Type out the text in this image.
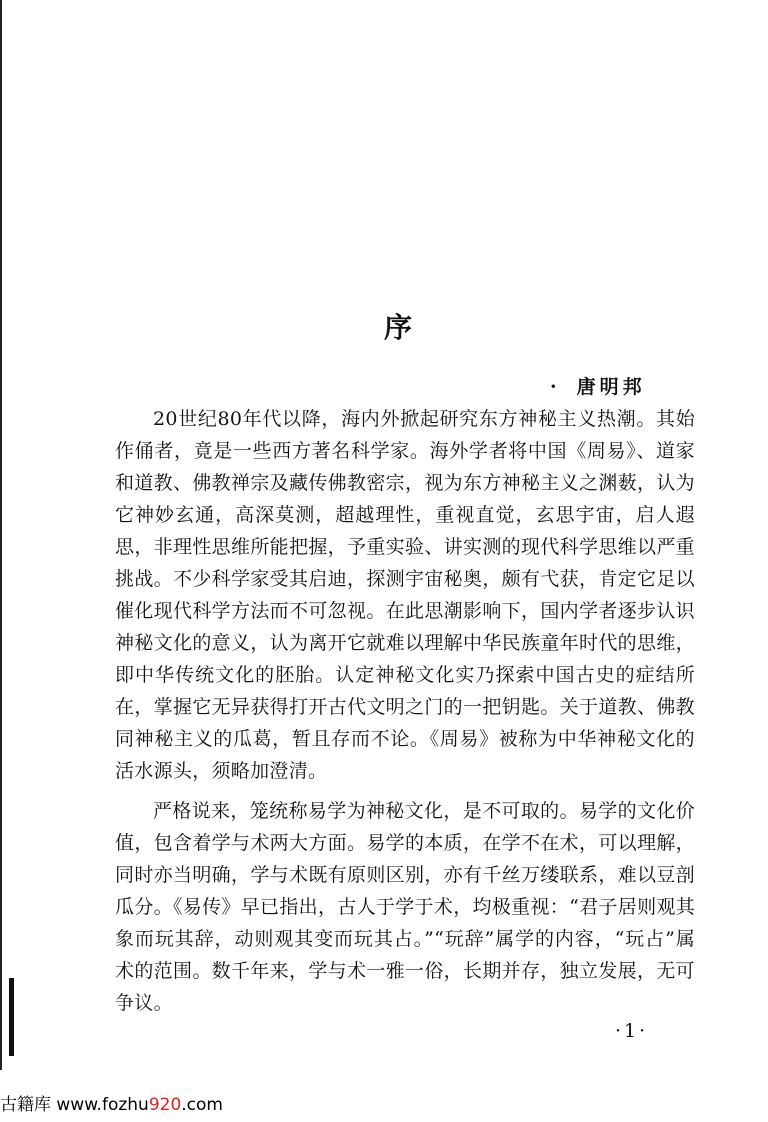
序
· 唐明邦

20世纪80年代以降，海内外掀起研究东方神秘主义热潮。其始作俑者，竟是一些西方著名科学家。海外学者将中国《周易》、道家和道教、佛教禅宗及藏传佛教密宗，视为东方神秘主义之渊薮，认为它神妙玄通，高深莫测，超越理性，重视直觉，玄思宇宙，启人遐思，非理性思维所能把握，予重实验、讲实测的现代科学思维以严重挑战。不少科学家受其启迪，探测宇宙秘奥，颇有弋获，肯定它足以催化现代科学方法而不可忽视。在此思潮影响下，国内学者逐步认识神秘文化的意义，认为离开它就难以理解中华民族童年时代的思维，即中华传统文化的胚胎。认定神秘文化实乃探索中国古史的症结所在，掌握它无异获得打开古代文明之门的一把钥匙。关于道教、佛教同神秘主义的瓜葛，暂且存而不论。《周易》被称为中华神秘文化的活水源头，须略加澄清。

严格说来，笼统称易学为神秘文化，是不可取的。易学的文化价值，包含着学与术两大方面。易学的本质，在学不在术，可以理解，同时亦当明确，学与术既有原则区别，亦有千丝万缕联系，难以豆剖瓜分。《易传》早已指出，古人于学于术，均极重视：“君子居则观其象而玩其辞，动则观其变而玩其占。”“玩辞”属学的内容，“玩占”属术的范围。数千年来，学与术一雅一俗，长期并存，独立发展，无可争议。

·1·
古籍库 www.fozhu920.com
